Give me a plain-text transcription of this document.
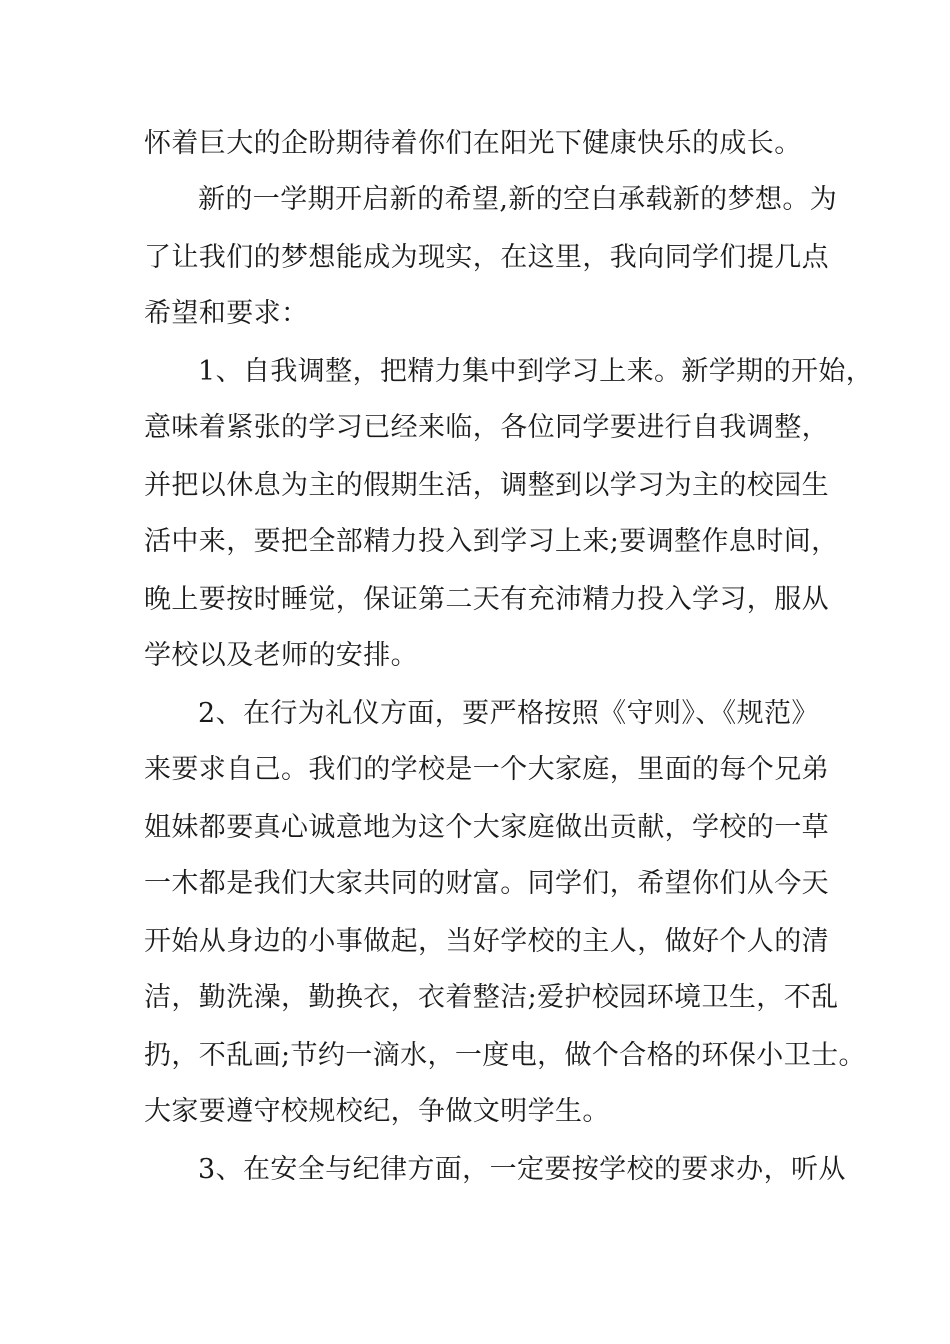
怀着巨大的企盼期待着你们在阳光下健康快乐的成长。
新的一学期开启新的希望,新的空白承载新的梦想。为
了让我们的梦想能成为现实，在这里，我向同学们提几点
希望和要求：
1、自我调整，把精力集中到学习上来。新学期的开始，
意味着紧张的学习已经来临，各位同学要进行自我调整，
并把以休息为主的假期生活，调整到以学习为主的校园生
活中来，要把全部精力投入到学习上来;要调整作息时间，
晚上要按时睡觉，保证第二天有充沛精力投入学习，服从
学校以及老师的安排。
2、在行为礼仪方面，要严格按照《守则》、《规范》
来要求自己。我们的学校是一个大家庭，里面的每个兄弟
姐妹都要真心诚意地为这个大家庭做出贡献，学校的一草
一木都是我们大家共同的财富。同学们，希望你们从今天
开始从身边的小事做起，当好学校的主人，做好个人的清
洁，勤洗澡，勤换衣，衣着整洁;爱护校园环境卫生，不乱
扔，不乱画;节约一滴水，一度电，做个合格的环保小卫士。
大家要遵守校规校纪，争做文明学生。
3、在安全与纪律方面，一定要按学校的要求办，听从
